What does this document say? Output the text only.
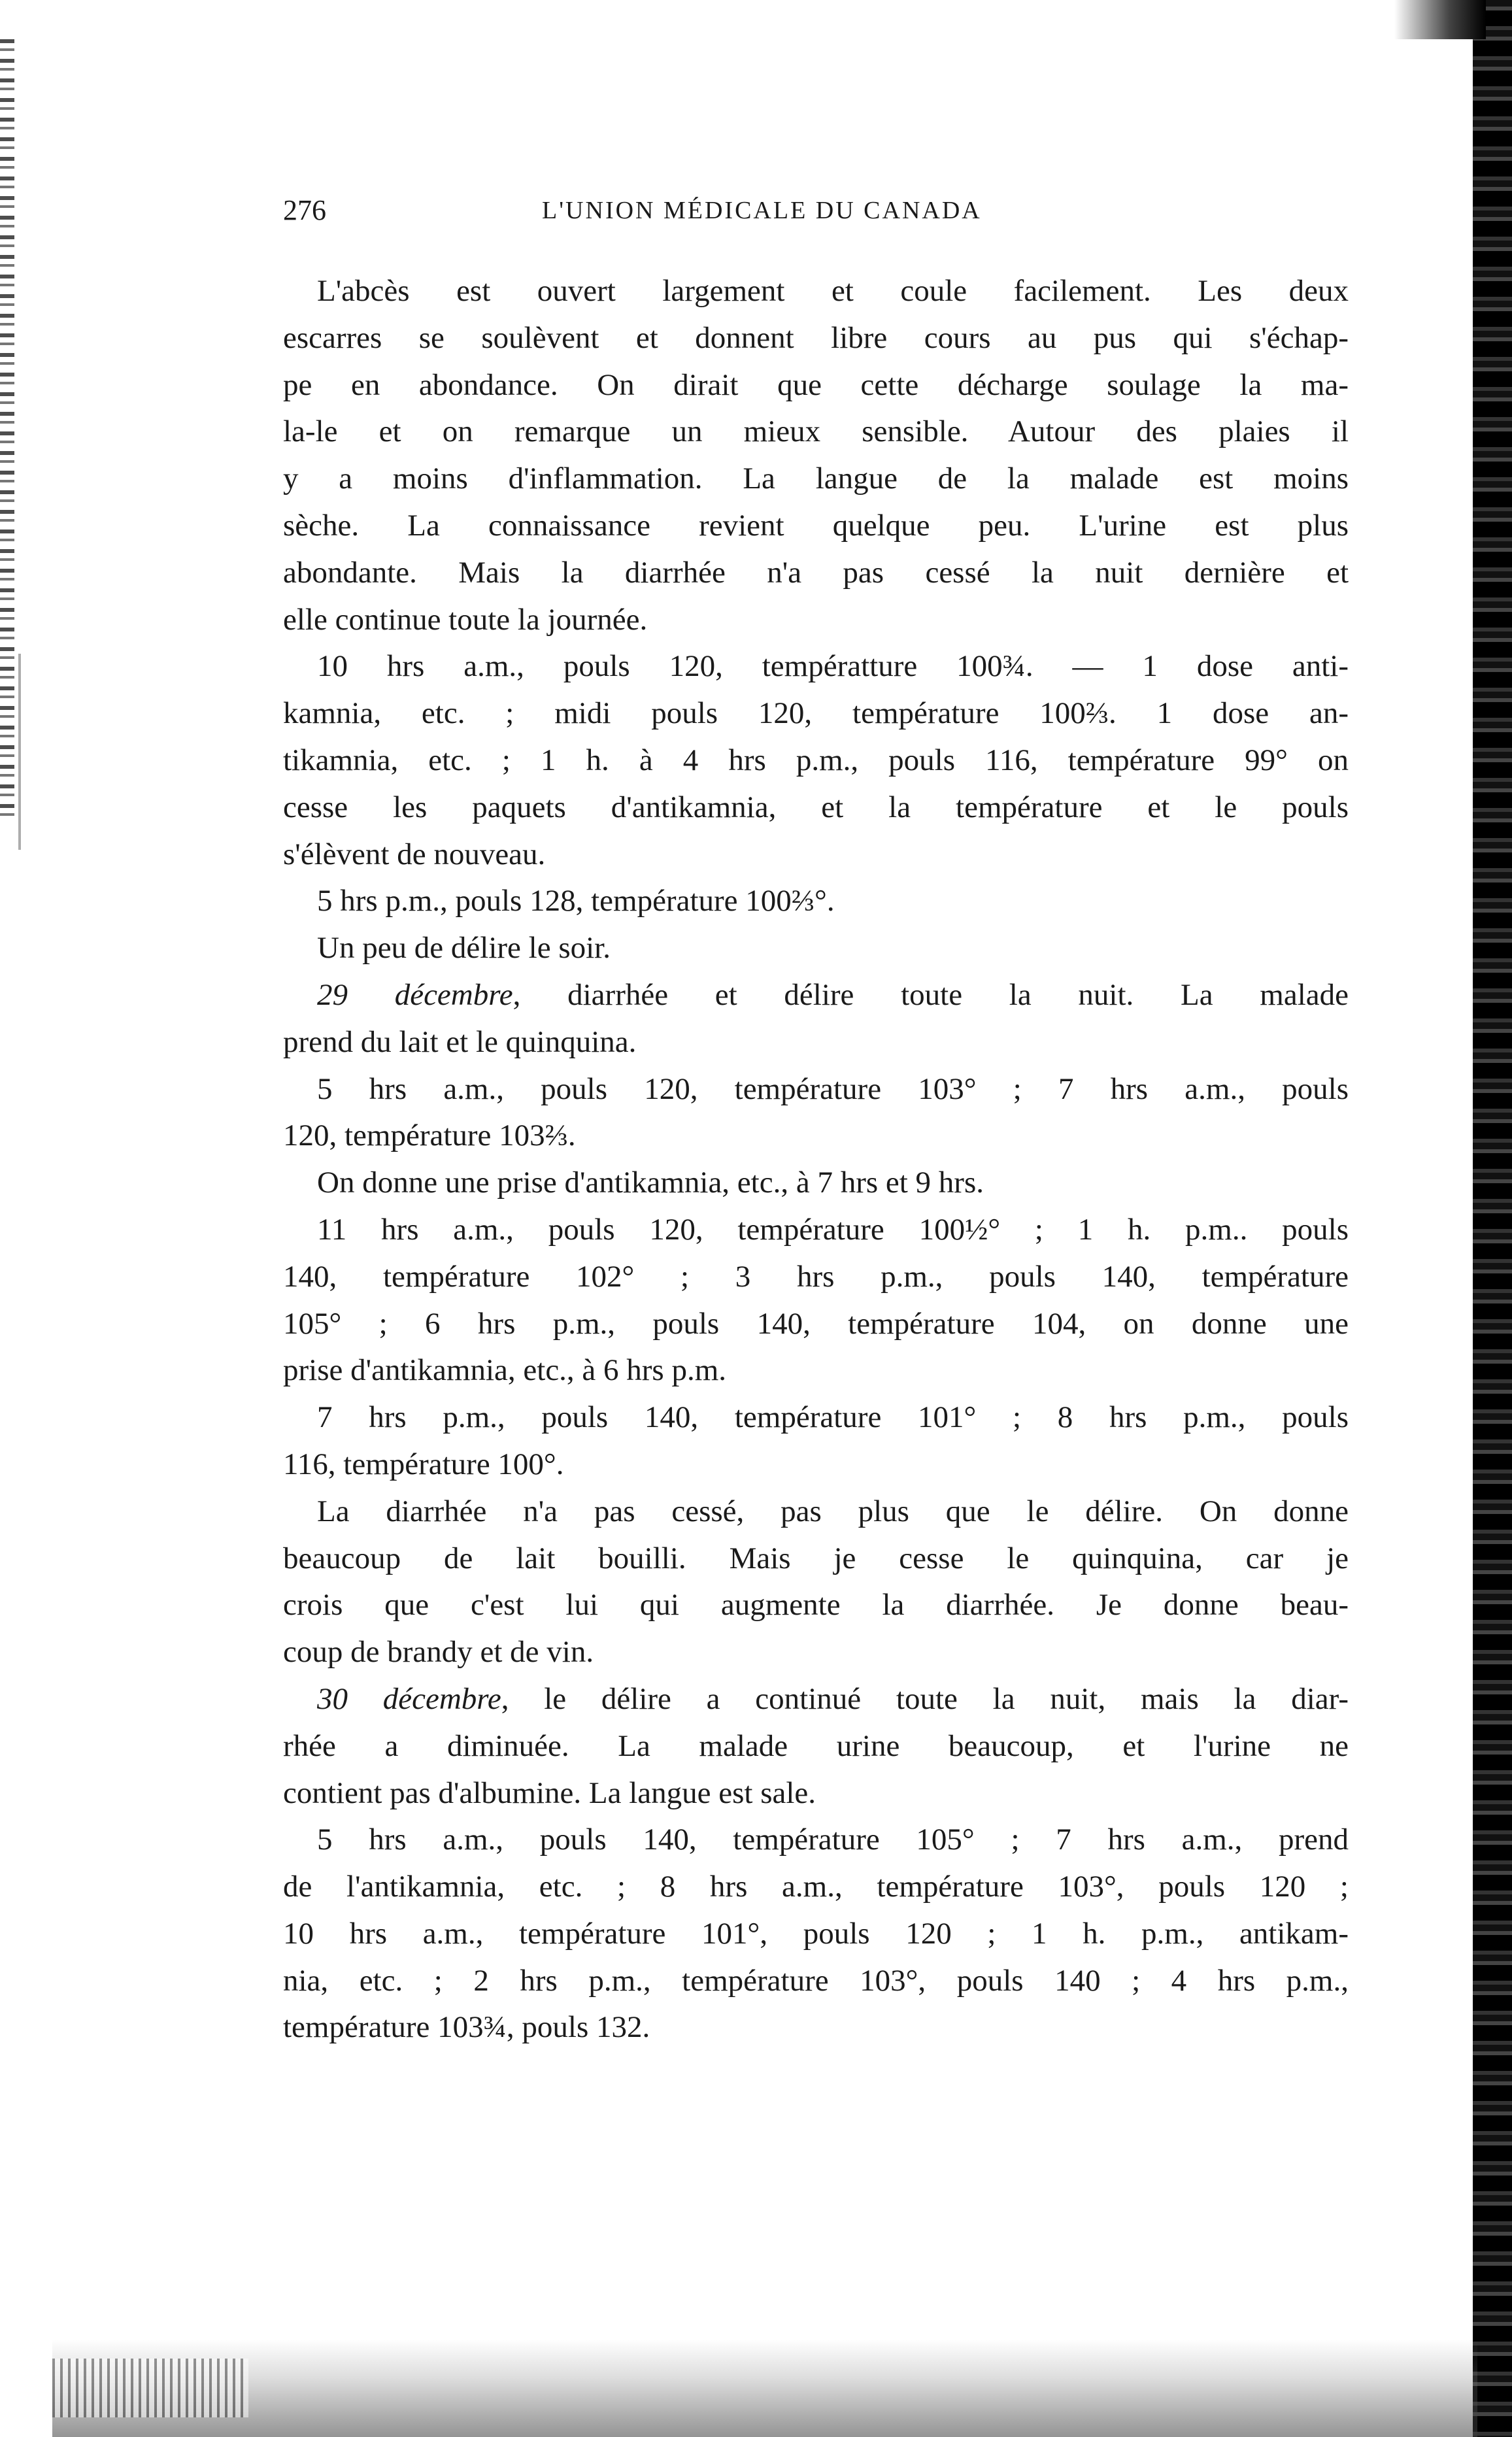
276	L'UNION MÉDICALE DU CANADA
L'abcès est ouvert largement et coule facilement. Les deux
escarres se soulèvent et donnent libre cours au pus qui s'échap-
pe en abondance. On dirait que cette décharge soulage la ma-
la-le et on remarque un mieux sensible. Autour des plaies il
y a moins d'inflammation. La langue de la malade est moins
sèche. La connaissance revient quelque peu. L'urine est plus
abondante. Mais la diarrhée n'a pas cessé la nuit dernière et
elle continue toute la journée.
10 hrs a.m., pouls 120, températture 100¾. — 1 dose anti-
kamnia, etc. ; midi pouls 120, température 100⅔. 1 dose an-
tikamnia, etc. ; 1 h. à 4 hrs p.m., pouls 116, température 99° on
cesse les paquets d'antikamnia, et la température et le pouls
s'élèvent de nouveau.
5 hrs p.m., pouls 128, température 100⅔°.
Un peu de délire le soir.
29 décembre, diarrhée et délire toute la nuit. La malade
prend du lait et le quinquina.
5 hrs a.m., pouls 120, température 103° ; 7 hrs a.m., pouls
120, température 103⅔.
On donne une prise d'antikamnia, etc., à 7 hrs et 9 hrs.
11 hrs a.m., pouls 120, température 100½° ; 1 h. p.m.. pouls
140, température 102° ; 3 hrs p.m., pouls 140, température
105° ; 6 hrs p.m., pouls 140, température 104, on donne une
prise d'antikamnia, etc., à 6 hrs p.m.
7 hrs p.m., pouls 140, température 101° ; 8 hrs p.m., pouls
116, température 100°.
La diarrhée n'a pas cessé, pas plus que le délire. On donne
beaucoup de lait bouilli. Mais je cesse le quinquina, car je
crois que c'est lui qui augmente la diarrhée. Je donne beau-
coup de brandy et de vin.
30 décembre, le délire a continué toute la nuit, mais la diar-
rhée a diminuée. La malade urine beaucoup, et l'urine ne
contient pas d'albumine. La langue est sale.
5 hrs a.m., pouls 140, température 105° ; 7 hrs a.m., prend
de l'antikamnia, etc. ; 8 hrs a.m., température 103°, pouls 120 ;
10 hrs a.m., température 101°, pouls 120 ; 1 h. p.m., antikam-
nia, etc. ; 2 hrs p.m., température 103°, pouls 140 ; 4 hrs p.m.,
température 103¾, pouls 132.
